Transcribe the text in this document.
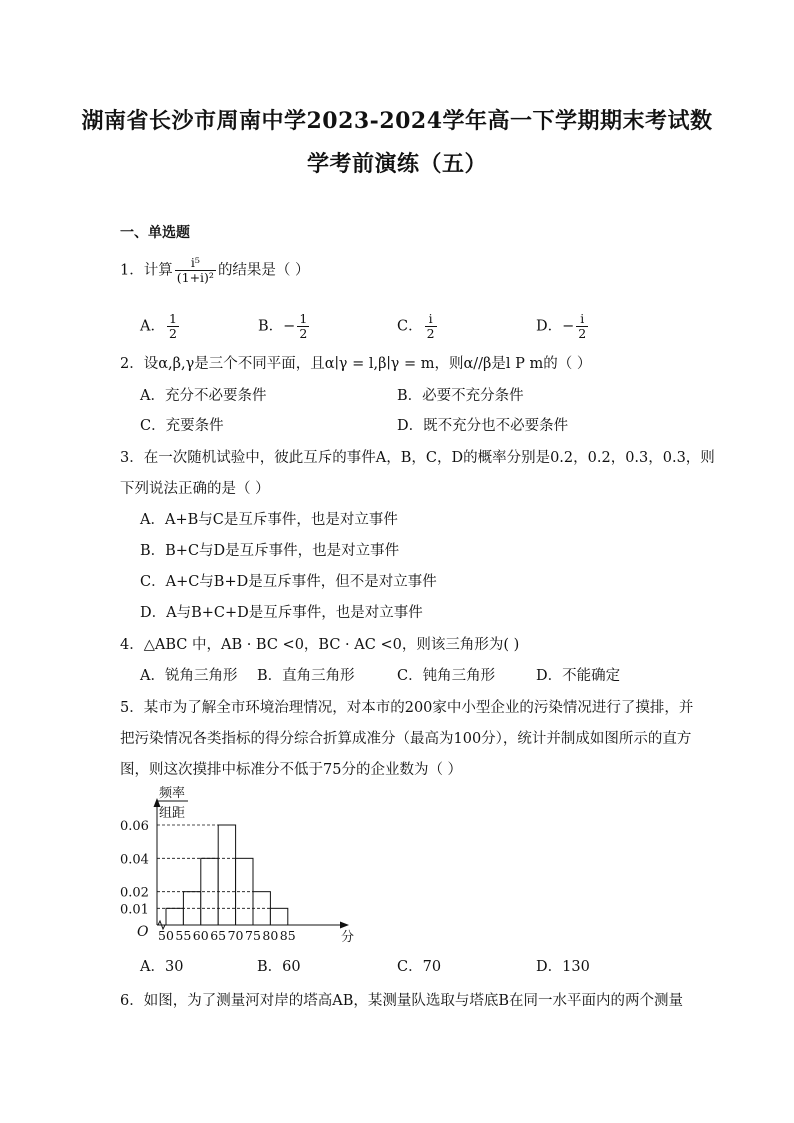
湖南省长沙市周南中学2023-2024学年高一下学期期末考试数
学考前演练（五）
一、单选题
1．计算 $\frac{\text{i⁵}}{\text{(1+i)²}}$ 的结果是（ ）
A． $\frac{1}{2}$	B．− $\frac{1}{2}$	C． $\frac{i}{2}$	D．− $\frac{i}{2}$
2．设α,β,γ是三个不同平面，且α∣γ = l,β∣γ = m，则α//β是l P m的（ ）
A．充分不必要条件	B．必要不充分条件
C．充要条件	D．既不充分也不必要条件
3．在一次随机试验中，彼此互斥的事件A，B，C，D的概率分别是0.2，0.2，0.3，0.3，则
下列说法正确的是（ ）
A．A+B与C是互斥事件，也是对立事件
B．B+C与D是互斥事件，也是对立事件
C．A+C与B+D是互斥事件，但不是对立事件
D．A与B+C+D是互斥事件，也是对立事件
4．△ABC 中，AB · BC <0，BC · AC <0，则该三角形为( )
A．锐角三角形 B．直角三角形	C．钝角三角形	D．不能确定
5．某市为了解全市环境治理情况，对本市的200家中小型企业的污染情况进行了摸排，并
把污染情况各类指标的得分综合折算成准分（最高为100分），统计并制成如图所示的直方
图，则这次摸排中标准分不低于75分的企业数为（ ）
0.06
0.04
0.02
0.01
50 55 60 65 70 75 80 85
O	分
频率
组距
A．30	B．60	C．70	D．130
6．如图，为了测量河对岸的塔高AB，某测量队选取与塔底B在同一水平面内的两个测量
